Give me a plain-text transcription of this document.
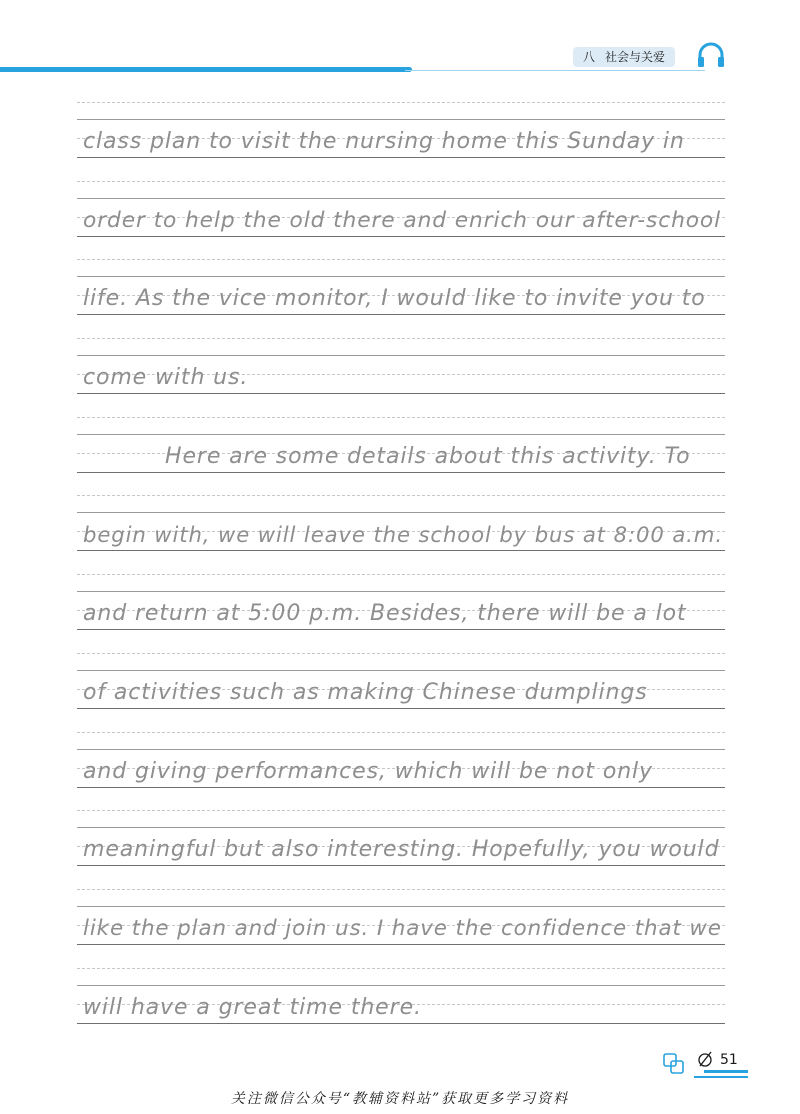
八 社会与关爱
class plan to visit the nursing home this Sunday in
order to help the old there and enrich our after-school
life. As the vice monitor, I would like to invite you to
come with us.
Here are some details about this activity. To
begin with, we will leave the school by bus at 8:00 a.m.
and return at 5:00 p.m. Besides, there will be a lot
of activities such as making Chinese dumplings
and giving performances, which will be not only
meaningful but also interesting. Hopefully, you would
like the plan and join us. I have the confidence that we
will have a great time there.
51
关注微信公众号“教辅资料站”获取更多学习资料
